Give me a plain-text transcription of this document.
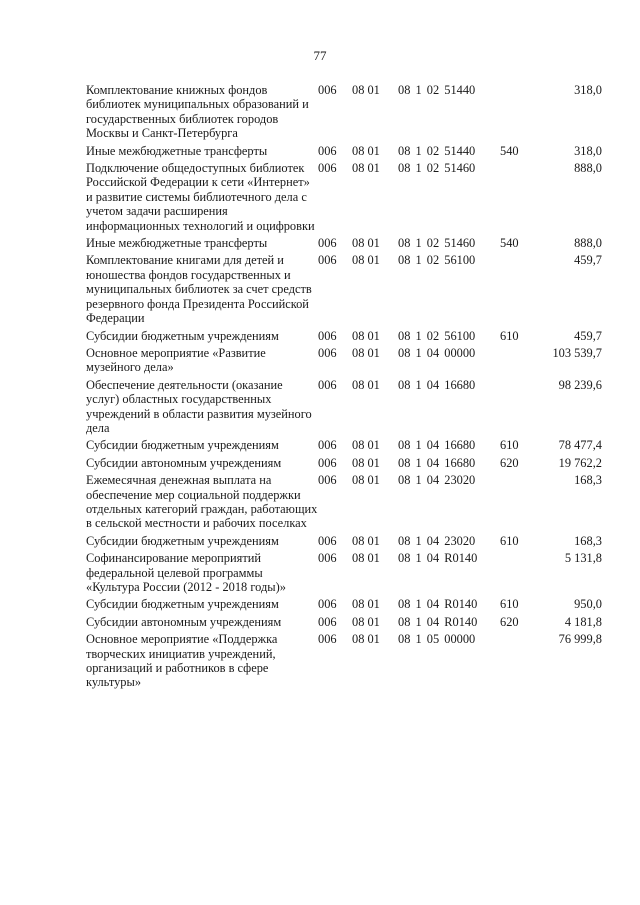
77
Комплектование книжных фондов библиотек муниципальных образований и государственных библиотек городов Москвы и Санкт-Петербурга	006	08 01	08 1 02 51440		318,0
Иные межбюджетные трансферты	006	08 01	08 1 02 51440	540	318,0
Подключение общедоступных библиотек Российской Федерации к сети «Интернет» и развитие системы библиотечного дела с учетом задачи расширения информационных технологий и оцифровки	006	08 01	08 1 02 51460		888,0
Иные межбюджетные трансферты	006	08 01	08 1 02 51460	540	888,0
Комплектование книгами для детей и юношества фондов государственных и муниципальных библиотек за счет средств резервного фонда Президента Российской Федерации	006	08 01	08 1 02 56100		459,7
Субсидии бюджетным учреждениям	006	08 01	08 1 02 56100	610	459,7
Основное мероприятие «Развитие музейного дела»	006	08 01	08 1 04 00000		103 539,7
Обеспечение деятельности (оказание услуг) областных государственных учреждений в области развития музейного дела	006	08 01	08 1 04 16680		98 239,6
Субсидии бюджетным учреждениям	006	08 01	08 1 04 16680	610	78 477,4
Субсидии автономным учреждениям	006	08 01	08 1 04 16680	620	19 762,2
Ежемесячная денежная выплата на обеспечение мер социальной поддержки отдельных категорий граждан, работающих в сельской местности и рабочих поселках	006	08 01	08 1 04 23020		168,3
Субсидии бюджетным учреждениям	006	08 01	08 1 04 23020	610	168,3
Софинансирование мероприятий федеральной целевой программы «Культура России (2012 - 2018 годы)»	006	08 01	08 1 04 R0140		5 131,8
Субсидии бюджетным учреждениям	006	08 01	08 1 04 R0140	610	950,0
Субсидии автономным учреждениям	006	08 01	08 1 04 R0140	620	4 181,8
Основное мероприятие «Поддержка творческих инициатив учреждений, организаций и работников в сфере культуры»	006	08 01	08 1 05 00000		76 999,8
